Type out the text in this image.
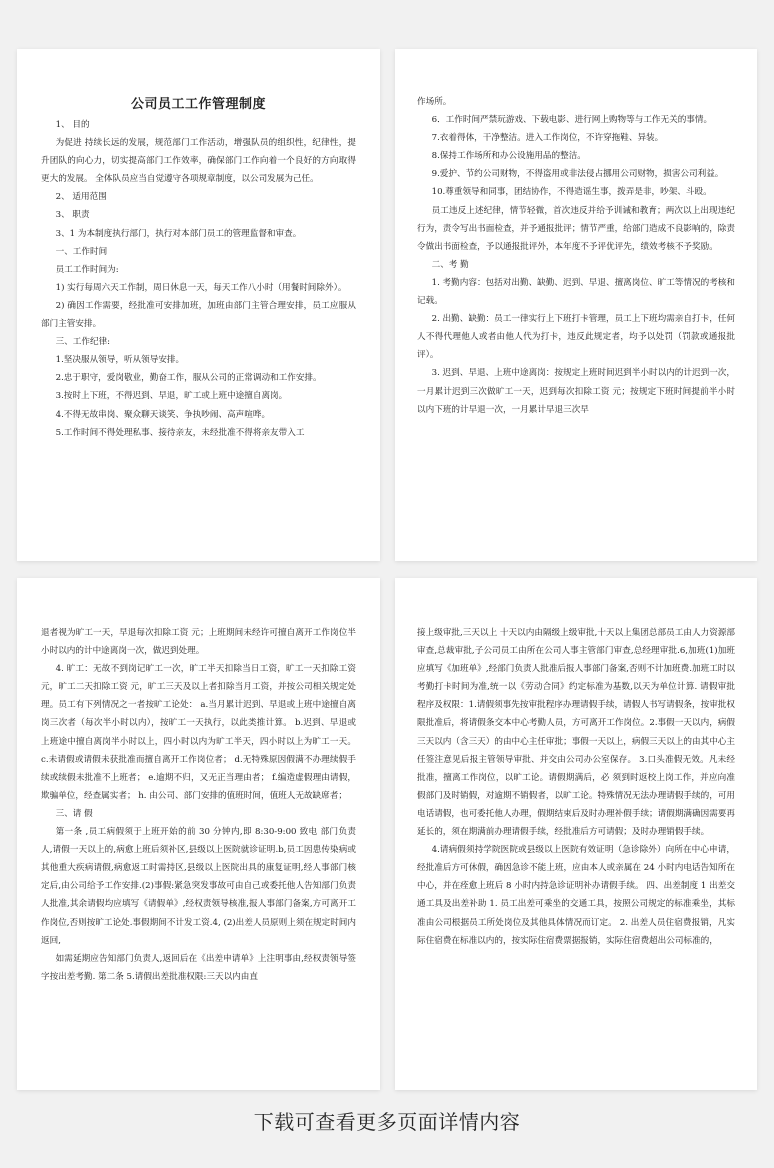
公司员工工作管理制度

1、 目的

为促进 持续长远的发展，规范部门工作活动，增强队员的组织性，纪律性，提升团队的向心力，切实提高部门工作效率，确保部门工作向着一个良好的方向取得更大的发展。 全体队员应当自觉遵守各项规章制度，以公司发展为己任。

2、 适用范围

3、 职责

3、1 为本制度执行部门，执行对本部门员工的管理监督和审查。

一、工作时间

员工工作时间为:

1) 实行每周六天工作制，周日休息一天，每天工作八小时（用餐时间除外）。

2) 确因工作需要，经批准可安排加班，加班由部门主管合理安排，员工应服从部门主管安排。

三、工作纪律:

1.坚决服从领导，听从领导安排。

2.忠于职守，爱岗敬业，勤奋工作，服从公司的正常调动和工作安排。

3.按时上下班，不得迟到、早退，旷工或上班中途擅自离岗。

4.不得无故串岗、聚众聊天谈笑、争执吵闹、高声喧哗。

5.工作时间不得处理私事、接待亲友，未经批准不得将亲友带入工

作场所。

6．工作时间严禁玩游戏、下载电影、进行网上购物等与工作无关的事情。

7.衣着得体，干净整洁。进入工作岗位，不许穿拖鞋、异装。

8.保持工作场所和办公设施用品的整洁。

9.爱护、节约公司财物，不得盗用或非法侵占挪用公司财物，损害公司利益。

10.尊重领导和同事，团结协作，不得造谣生事，拨弄是非，吵架、斗殴。

员工违反上述纪律，情节轻微，首次违反并给予训诫和教育；两次以上出现违纪行为，责令写出书面检查，并予通报批评；情节严重，给部门造成不良影响的，除责令做出书面检查，予以通报批评外，本年度不予评优评先，绩效考核不予奖励。

二、考 勤

1. 考勤内容：包括对出勤、缺勤、迟到、早退、擅离岗位、旷工等情况的考核和记载。

2. 出勤、缺勤：员工一律实行上下班打卡管理，员工上下班均需亲自打卡，任何人不得代理他人或者由他人代为打卡，违反此规定者，均予以处罚（罚款或通报批评）。

3. 迟到、早退、上班中途离岗：按规定上班时间迟到半小时以内的计迟到一次，一月累计迟到三次做旷工一天，迟到每次扣除工资 元；按规定下班时间提前半小时以内下班的计早退一次，一月累计早退三次早

退者视为旷工一天，早退每次扣除工资 元；上班期间未经许可擅自离开工作岗位半小时以内的计中途离岗一次，做迟到处理。

4. 旷工：无故不到岗记旷工一次，旷工半天扣除当日工资，旷工一天扣除工资 元，旷工二天扣除工资 元，旷工三天及以上者扣除当月工资，并按公司相关规定处理。员工有下列情况之一者按旷工论处： a.当月累计迟到、早退或上班中途擅自离岗三次者（每次半小时以内），按旷工一天执行，以此类推计算。 b.迟到、早退或上班途中擅自离岗半小时以上，四小时以内为旷工半天，四小时以上为旷工一天。 c.未请假或请假未获批准而擅自离开工作岗位者； d.无特殊原因假满不办理续假手续或续假未批准不上班者； e.逾期不归，又无正当理由者； f.编造虚假理由请假，欺骗单位，经查属实者； h. 由公司、部门安排的值班时间，值班人无故缺席者；

三、请 假

第一条 ,员工病假须于上班开始的前 30 分钟内,即 8:30-9:00 致电 部门负责人,请假一天以上的,病愈上班后须补区,县级以上医院就诊证明.b,员工因患传染病或其他重大疾病请假,病愈返工时需持区,县级以上医院出具的康复证明,经人事部门核定后,由公司给予工作安排.(2)事假:紧急突发事故可由自己或委托他人告知部门负责人批准,其余请假均应填写《请假单》,经权责领导核准,报人事部门备案,方可离开工作岗位,否则按旷工论处.事假期间不计发工资.4, (2)出差人员原则上须在规定时间内返回,

如需延期应告知部门负责人,返回后在《出差申请单》上注明事由,经权责领导签字按出差考勤. 第二条 5.请假出差批准权限:三天以内由直

接上级审批,三天以上 十天以内由隔级上级审批,十天以上集团总部员工由人力资源部审查,总裁审批,子公司员工由所在公司人事主管部门审查,总经理审批.6,加班(1)加班应填写《加班单》,经部门负责人批准后报人事部门备案,否则不计加班费.加班工时以考勤打卡时间为准,统一以《劳动合同》约定标准为基数,以天为单位计算. 请假审批程序及权限：1.请假须事先按审批程序办理请假手续，请假人书写请假条，按审批权限批准后，将请假条交本中心考勤人员，方可离开工作岗位。2.事假一天以内，病假三天以内（含三天）的由中心主任审批；事假一天以上，病假三天以上的由其中心主任签注意见后报主管领导审批、并交由公司办公室保存。 3.口头准假无效。凡未经批准，擅离工作岗位，以旷工论。请假期满后，必 须到时返校上岗工作，并应向准假部门及时销假，对逾期不销假者，以旷工论。特殊情况无法办理请假手续的，可用电话请假，也可委托他人办理，假期结束后及时办理补假手续；请假期满确因需要再延长的，须在期满前办理请假手续，经批准后方可请假；及时办理销假手续。

4.请病假须持学院医院或县级以上医院有效证明（急诊除外）向所在中心申请，经批准后方可休假，确因急诊不能上班，应由本人或亲属在 24 小时内电话告知所在中心，并在痊愈上班后 8 小时内持急诊证明补办请假手续。 四、出差制度 1 出差交通工具及出差补助 1. 员工出差可乘坐的交通工具，按照公司规定的标准乘坐，其标准由公司根据员工所处岗位及其他具体情况而订定。 2. 出差人员住宿费报销，凡实际住宿费在标准以内的，按实际住宿费票据报销，实际住宿费超出公司标准的，

下载可查看更多页面详情内容
